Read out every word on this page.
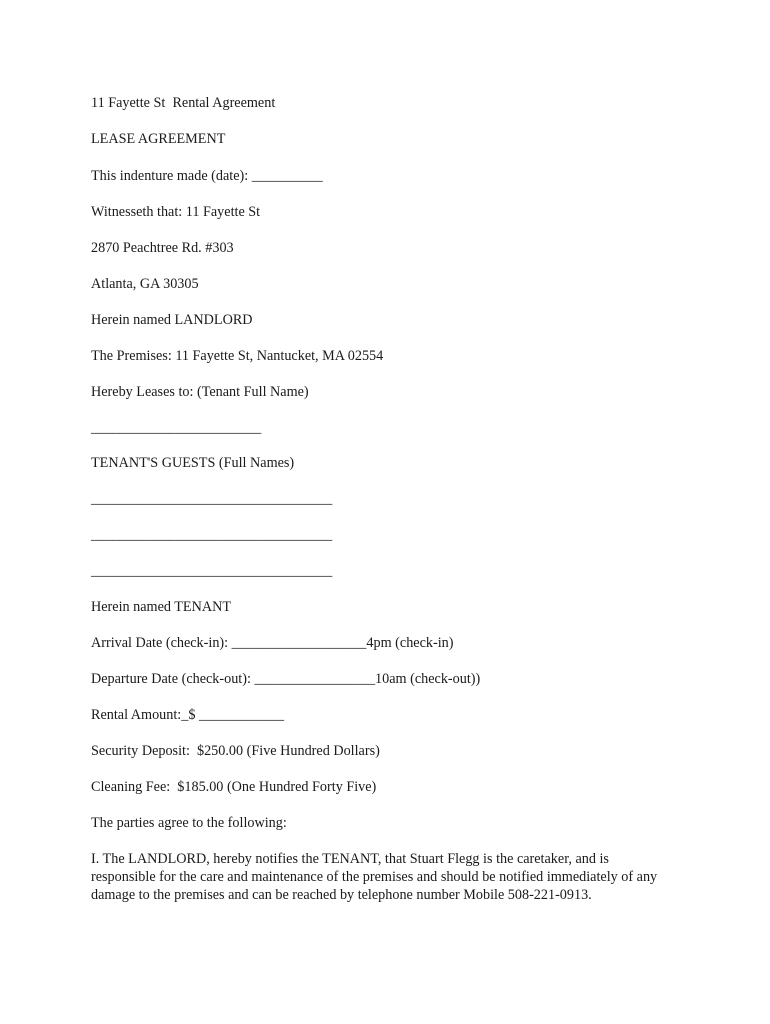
11 Fayette St  Rental Agreement

LEASE AGREEMENT

This indenture made (date): __________

Witnesseth that: 11 Fayette St

2870 Peachtree Rd. #303

Atlanta, GA 30305

Herein named LANDLORD

The Premises: 11 Fayette St, Nantucket, MA 02554

Hereby Leases to: (Tenant Full Name)

________________________

TENANT'S GUESTS (Full Names)

__________________________________

__________________________________

__________________________________

Herein named TENANT

Arrival Date (check-in): ___________________4pm (check-in)

Departure Date (check-out): _________________10am (check-out))

Rental Amount:_$ ____________

Security Deposit:  $250.00 (Five Hundred Dollars)

Cleaning Fee:  $185.00 (One Hundred Forty Five)

The parties agree to the following:

I. The LANDLORD, hereby notifies the TENANT, that Stuart Flegg is the caretaker, and is responsible for the care and maintenance of the premises and should be notified immediately of any damage to the premises and can be reached by telephone number Mobile 508-221-0913.
